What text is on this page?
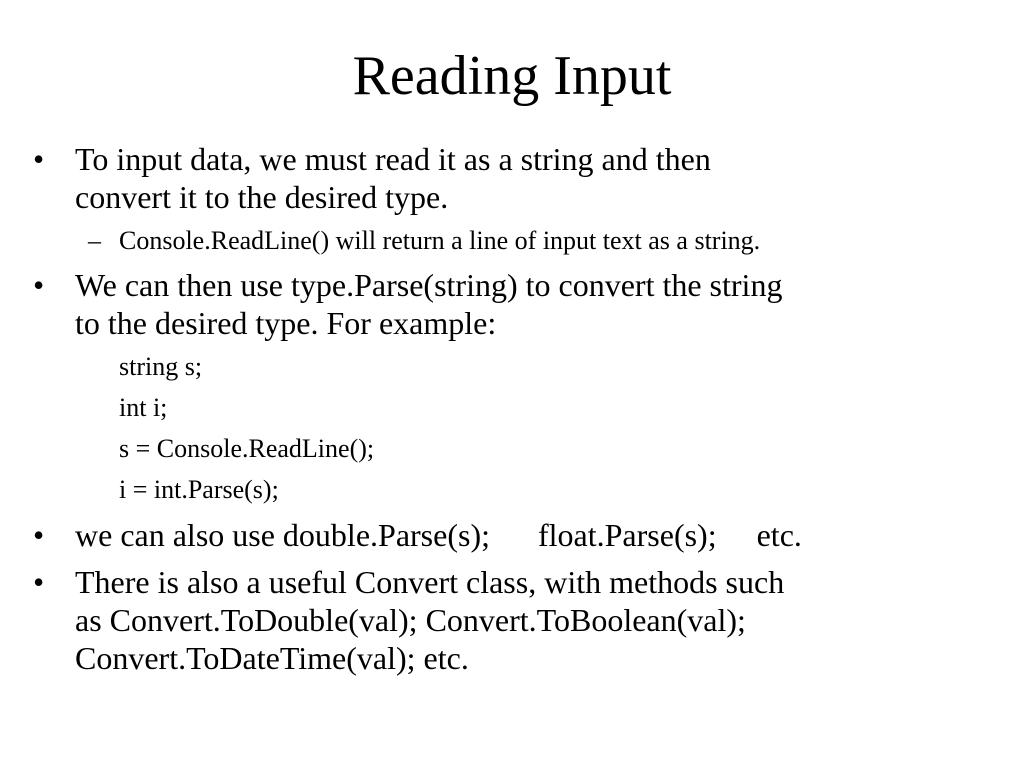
Reading Input
• To input data, we must read it as a string and then
convert it to the desired type.
– Console.ReadLine() will return a line of input text as a string.
• We can then use type.Parse(string) to convert the string
to the desired type. For example:
string s;
int i;
s = Console.ReadLine();
i = int.Parse(s);
• we can also use double.Parse(s);      float.Parse(s);     etc.
• There is also a useful Convert class, with methods such
as Convert.ToDouble(val); Convert.ToBoolean(val);
Convert.ToDateTime(val); etc.
